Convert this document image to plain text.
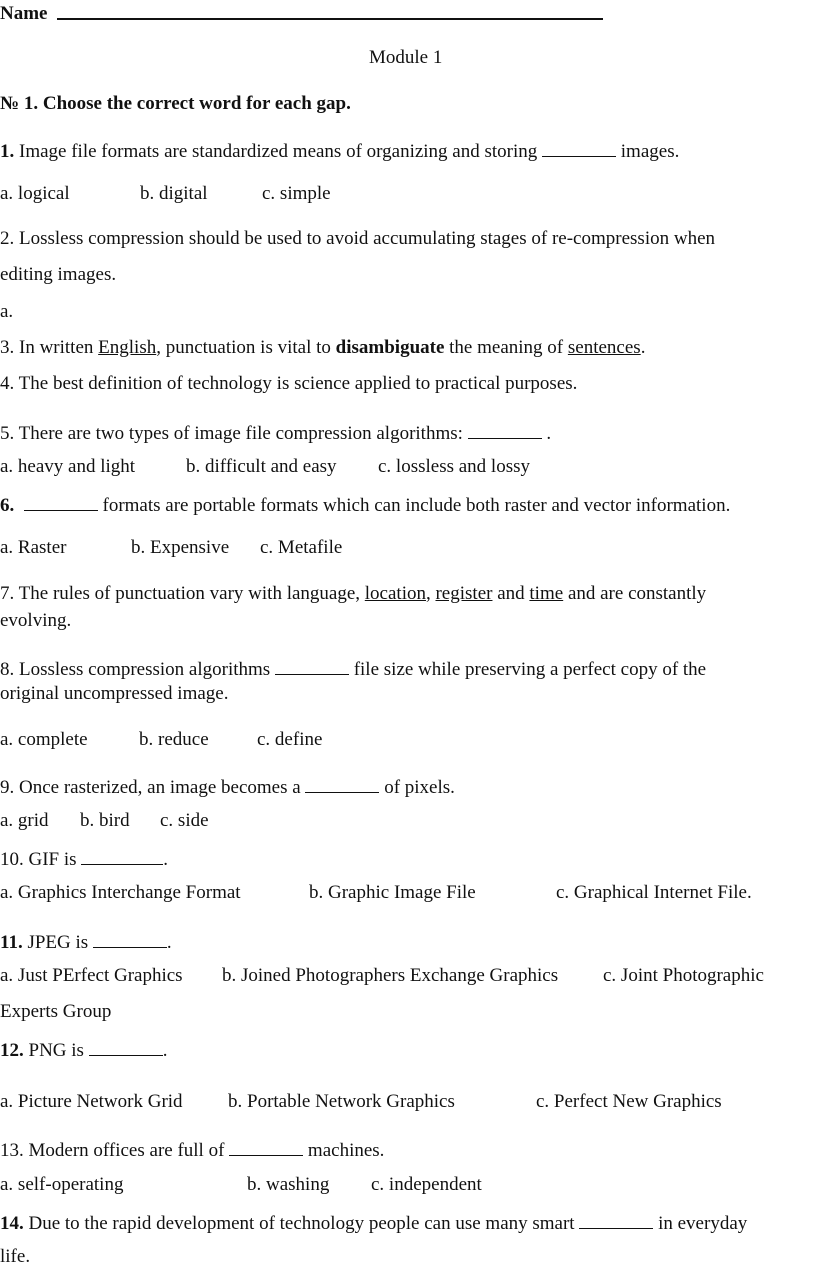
Name
Module 1
№ 1. Choose the correct word for each gap.
1. Image file formats are standardized means of organizing and storing	images.
a. logical	b. digital	c. simple
2. Lossless compression should be used to avoid accumulating stages of re-compression when
editing images.
a.
3. In written English, punctuation is vital to disambiguate the meaning of sentences.
4. The best definition of technology is science applied to practical purposes.
5. There are two types of image file compression algorithms:	.
a. heavy and light	b. difficult and easy c. lossless and lossy
6.	formats are portable formats which can include both raster and vector information.
a. Raster	b. Expensive c. Metafile
7. The rules of punctuation vary with language, location, register and time and are constantly
evolving.
8. Lossless compression algorithms	file size while preserving a perfect copy of the
original uncompressed image.
a. complete	b. reduce	c. define
9. Once rasterized, an image becomes a	of pixels.
a. grid b. bird c. side
10. GIF is	.
a. Graphics Interchange Format	b. Graphic Image File	c. Graphical Internet File.
11. JPEG is	.
a. Just PErfect Graphics b. Joined Photographers Exchange Graphics c. Joint Photographic
Experts Group
12. PNG is	.
a. Picture Network Grid b. Portable Network Graphics	c. Perfect New Graphics
13. Modern offices are full of	machines.
a. self-operating	b. washing c. independent
14. Due to the rapid development of technology people can use many smart	in everyday
life.
